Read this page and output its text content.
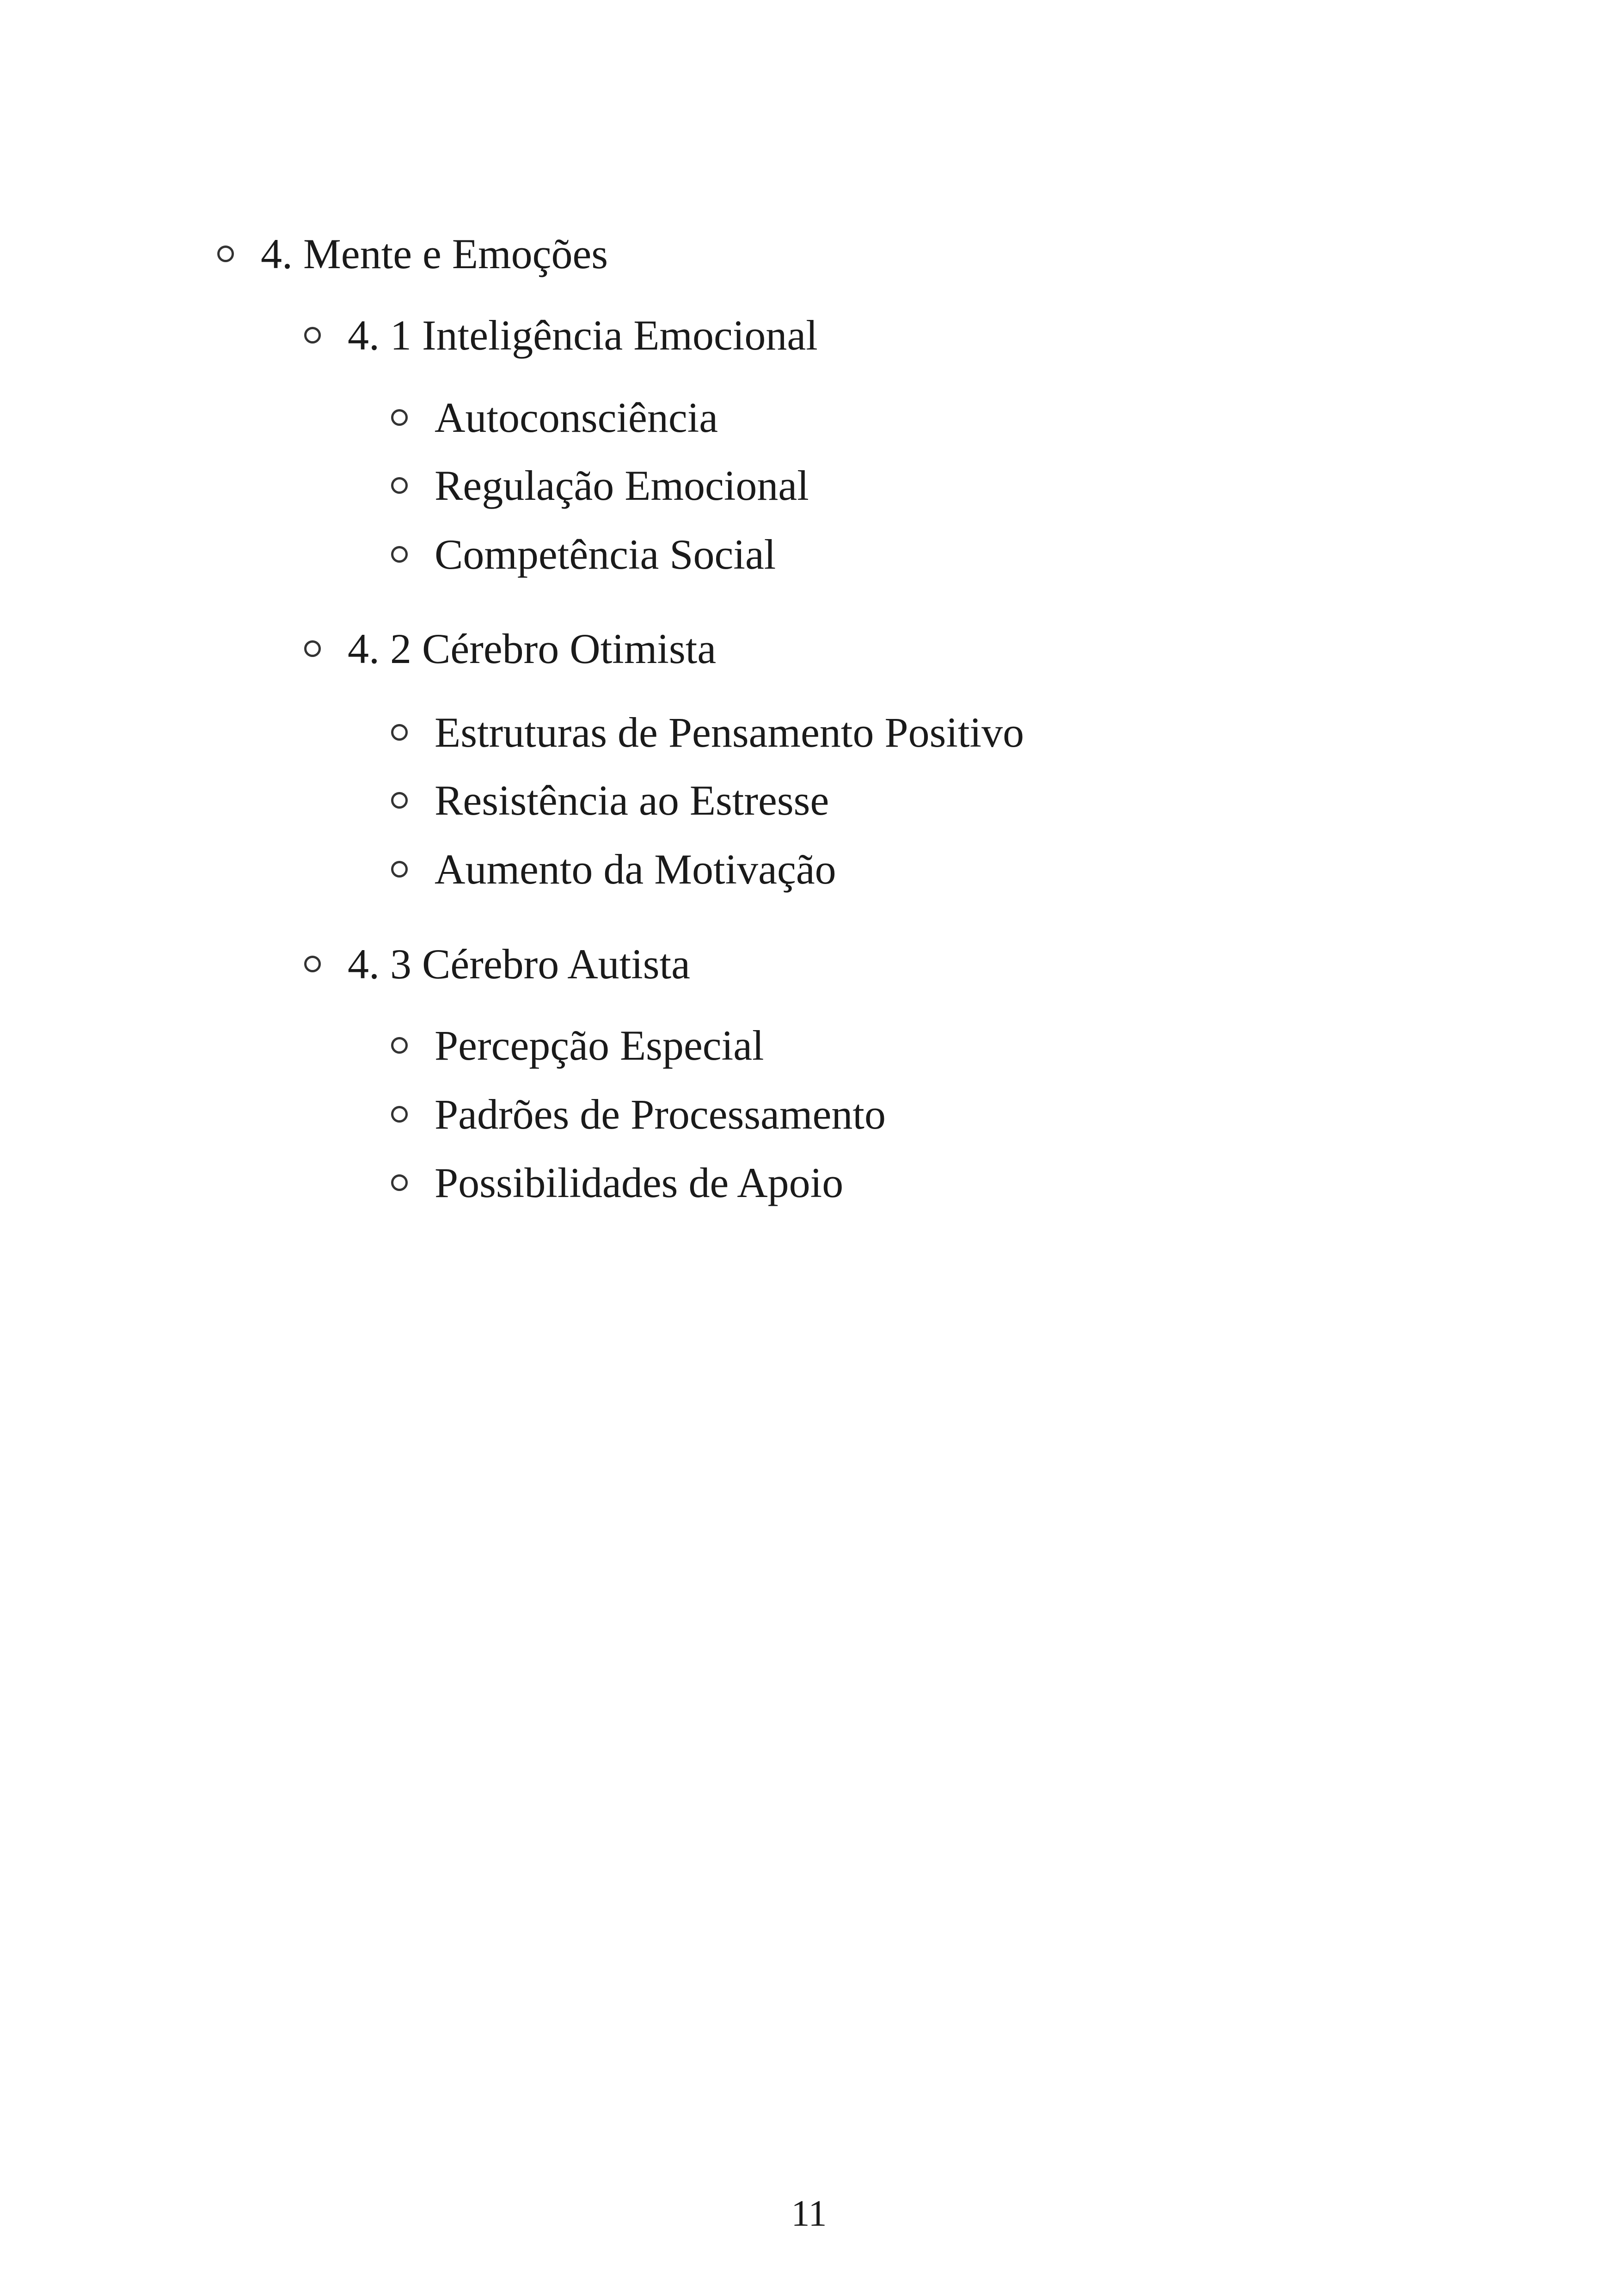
4. Mente e Emoções
4. 1 Inteligência Emocional
Autoconsciência
Regulação Emocional
Competência Social
4. 2 Cérebro Otimista
Estruturas de Pensamento Positivo
Resistência ao Estresse
Aumento da Motivação
4. 3 Cérebro Autista
Percepção Especial
Padrões de Processamento
Possibilidades de Apoio
11
